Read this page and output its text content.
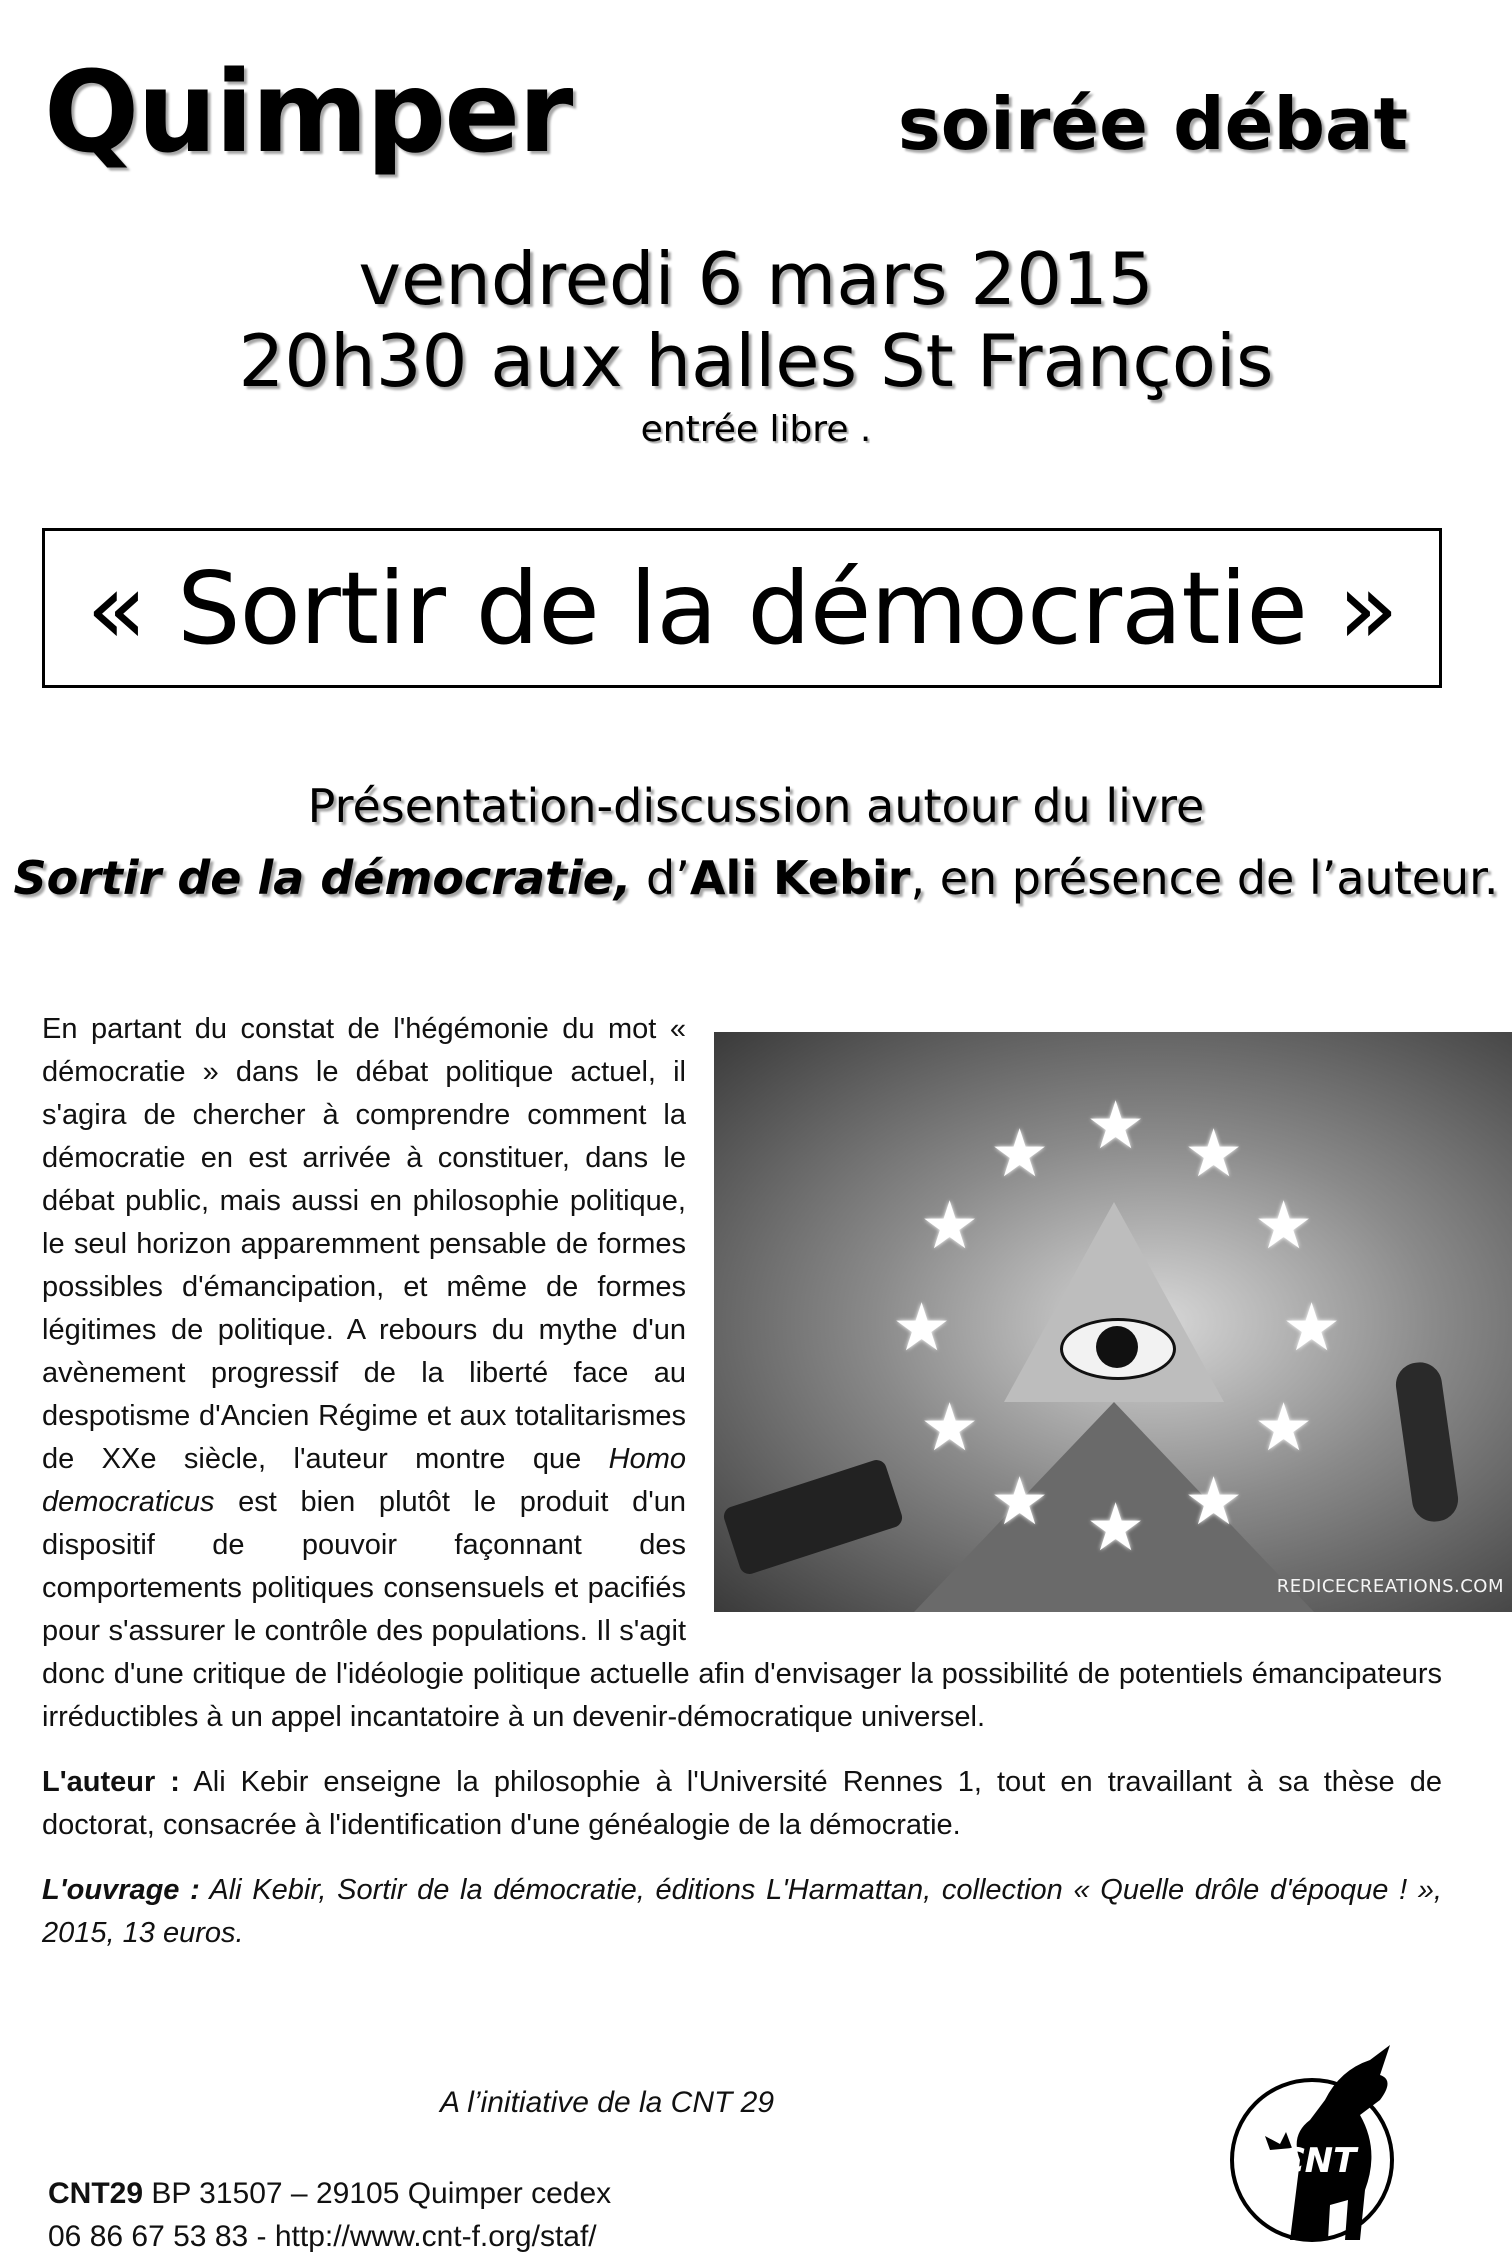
Quimper	soirée débat
vendredi 6 mars 2015
20h30 aux halles St François
entrée libre .
« Sortir de la démocratie »
Présentation-discussion autour du livre
Sortir de la démocratie, d’Ali Kebir, en présence de l’auteur.
★ ★
★
★
★
★
★
★
★
★
★
★
REDICECREATIONS.COM

En partant du constat de l'hégémonie du mot « démocratie » dans le débat politique actuel, il s'agira de chercher à comprendre comment la démocratie en est arrivée à constituer, dans le débat public, mais aussi en philosophie politique, le seul horizon apparemment pensable de formes possibles d'émancipation, et même de formes légitimes de politique. A rebours du mythe d'un avènement progressif de la liberté face au despotisme d'Ancien Régime et aux totalitarismes de XXe siècle, l'auteur montre que Homo democraticus est bien plutôt le produit d'un dispositif de pouvoir façonnant des comportements politiques consensuels et pacifiés pour s'assurer le contrôle des populations. Il s'agit donc d'une critique de l'idéologie politique actuelle afin d'envisager la possibilité de potentiels émancipateurs irréductibles à un appel incantatoire à un devenir-démocratique universel.

L'auteur : Ali Kebir enseigne la philosophie à l'Université Rennes 1, tout en travaillant à sa thèse de doctorat, consacrée à l'identification d'une généalogie de la démocratie.

L'ouvrage : Ali Kebir, Sortir de la démocratie, éditions L'Harmattan, collection « Quelle drôle d'époque ! », 2015, 13 euros.

A l’initiative de la CNT 29
CNT29 BP 31507 – 29105 Quimper cedex
06 86 67 53 83 - http://www.cnt-f.org/staf/
CNT
